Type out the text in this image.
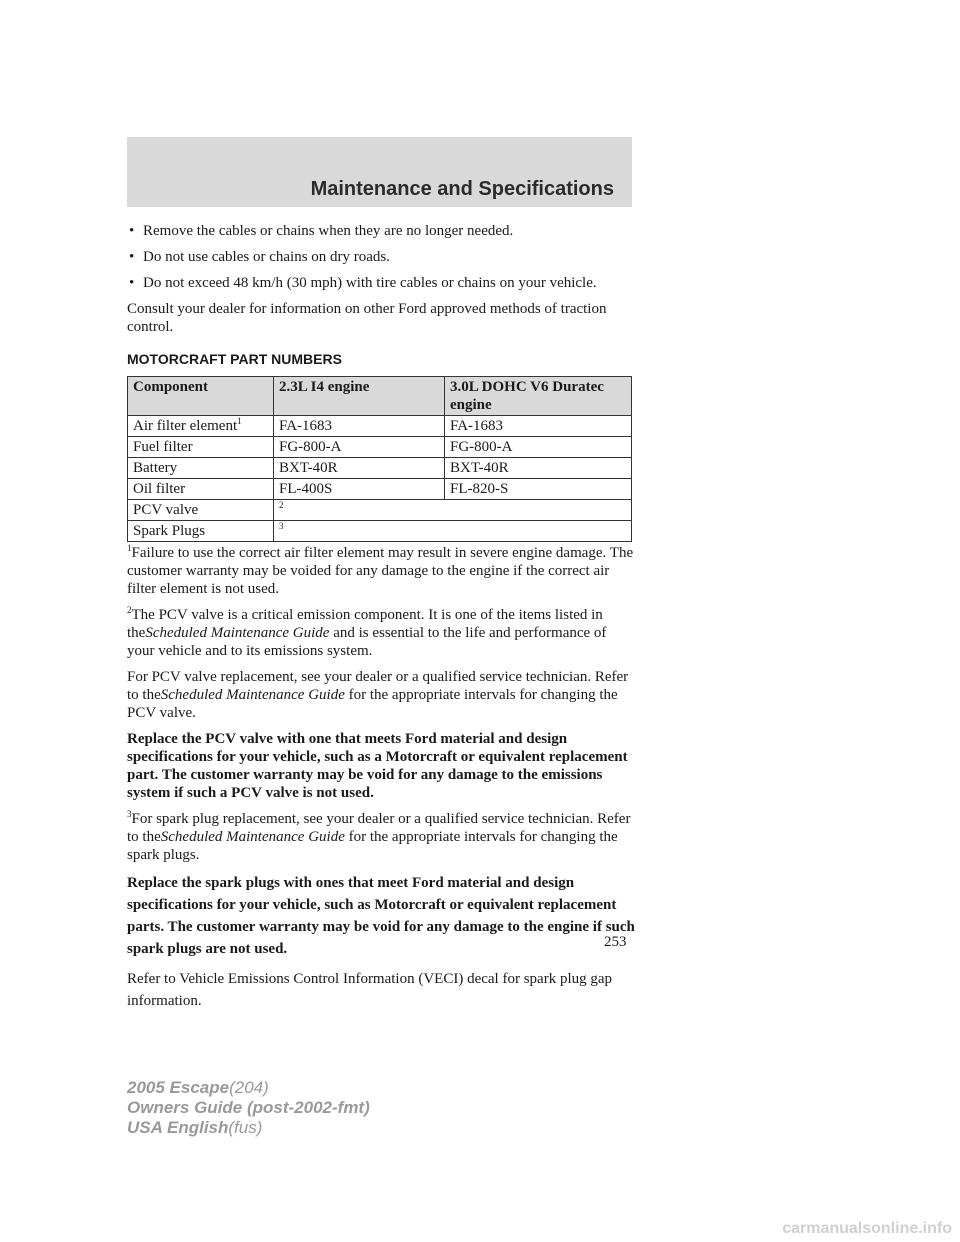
Maintenance and Specifications
• Remove the cables or chains when they are no longer needed.
• Do not use cables or chains on dry roads.
• Do not exceed 48 km/h (30 mph) with tire cables or chains on your vehicle.

Consult your dealer for information on other Ford approved methods of traction control.

MOTORCRAFT PART NUMBERS
Component	2.3L I4 engine	3.0L DOHC V6 Duratec engine
Air filter element$^1$	FA-1683	FA-1683
Fuel filter	FG-800-A	FG-800-A
Battery	BXT-40R	BXT-40R
Oil filter	FL-400S	FL-820-S
PCV valve	$^2$
Spark Plugs	$^3$

$^1$Failure to use the correct air filter element may result in severe engine damage. The customer warranty may be voided for any damage to the engine if the correct air filter element is not used.

$^2$The PCV valve is a critical emission component. It is one of the items listed in theScheduled Maintenance Guide and is essential to the life and performance of your vehicle and to its emissions system.

For PCV valve replacement, see your dealer or a qualified service technician. Refer to theScheduled Maintenance Guide for the appropriate intervals for changing the PCV valve.

Replace the PCV valve with one that meets Ford material and design specifications for your vehicle, such as a Motorcraft or equivalent replacement part. The customer warranty may be void for any damage to the emissions system if such a PCV valve is not used.

$^3$For spark plug replacement, see your dealer or a qualified service technician. Refer to theScheduled Maintenance Guide for the appropriate intervals for changing the spark plugs.

Replace the spark plugs with ones that meet Ford material and design specifications for your vehicle, such as Motorcraft or equivalent replacement parts. The customer warranty may be void for any damage to the engine if such spark plugs are not used.

Refer to Vehicle Emissions Control Information (VECI) decal for spark plug gap information.

253
2005 Escape(204)
Owners Guide (post-2002-fmt)
USA English(fus)
carmanualsonline.info
